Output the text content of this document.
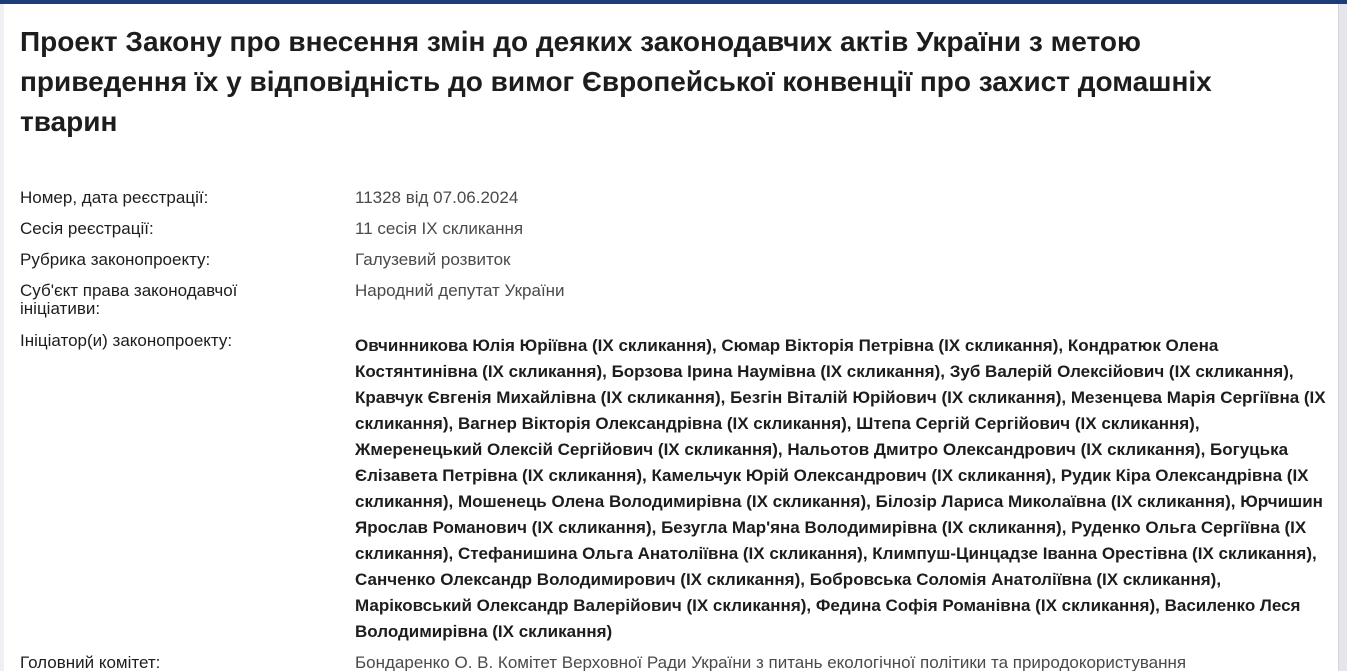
Проект Закону про внесення змін до деяких законодавчих актів України з метою приведення їх у відповідність до вимог Європейської конвенції про захист домашніх тварин
Номер, дата реєстрації:	11328 від 07.06.2024
Сесія реєстрації:	11 сесія IX скликання
Рубрика законопроекту:	Галузевий розвиток
Суб'єкт права законодавчої ініціативи:
Народний депутат України
Ініціатор(и) законопроекту:	Овчинникова Юлія Юріївна (IX скликання), Сюмар Вікторія Петрівна (IX скликання), Кондратюк Олена Костянтинівна (IX скликання), Борзова Ірина Наумівна (IX скликання), Зуб Валерій Олексійович (IX скликання), Кравчук Євгенія Михайлівна (IX скликання), Безгін Віталій Юрійович (IX скликання), Мезенцева Марія Сергіївна (IX скликання), Вагнер Вікторія Олександрівна (IX скликання), Штепа Сергій Сергійович (IX скликання), Жмеренецький Олексій Сергійович (IX скликання), Нальотов Дмитро Олександрович (IX скликання), Богуцька Єлізавета Петрівна (IX скликання), Камельчук Юрій Олександрович (IX скликання), Рудик Кіра Олександрівна (IX скликання), Мошенець Олена Володимирівна (IX скликання), Білозір Лариса Миколаївна (IX скликання), Юрчишин Ярослав Романович (IX скликання), Безугла Мар'яна Володимирівна (IX скликання), Руденко Ольга Сергіївна (IX скликання), Стефанишина Ольга Анатоліївна (IX скликання), Климпуш-Цинцадзе Іванна Орестівна (IX скликання), Санченко Олександр Володимирович (IX скликання), Бобровська Соломія Анатоліївна (IX скликання), Маріковський Олександр Валерійович (IX скликання), Федина Софія Романівна (IX скликання), Василенко Леся Володимирівна (IX скликання)
Головний комітет:	Бондаренко О. В. Комітет Верховної Ради України з питань екологічної політики та природокористування
